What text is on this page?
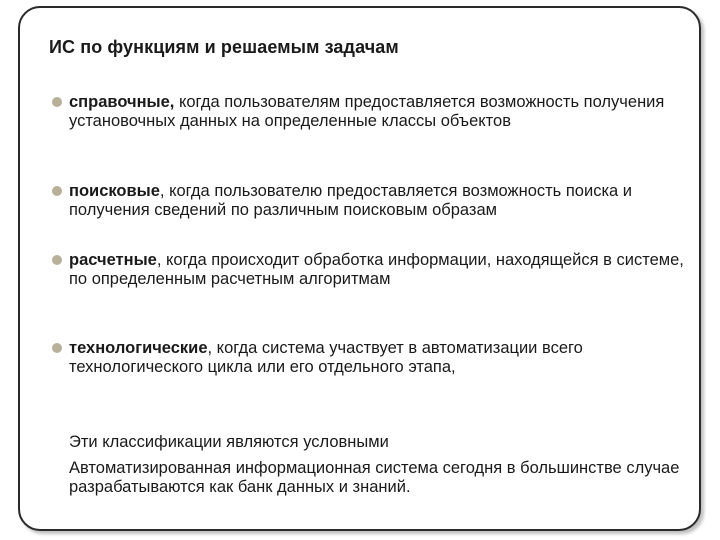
ИС по функциям и решаемым задачам
справочные, когда пользователям предоставляется возможность получения установочных данных на определенные классы объектов
поисковые, когда пользователю предоставляется возможность поиска и получения сведений по различным поисковым образам
расчетные, когда происходит обработка информации, находящейся в системе, по определенным расчетным алгоритмам
технологические, когда система участвует в автоматизации всего технологического цикла или его отдельного этапа,
Эти классификации являются условными
Автоматизированная информационная система сегодня в большинстве случае разрабатываются как банк данных и знаний.
